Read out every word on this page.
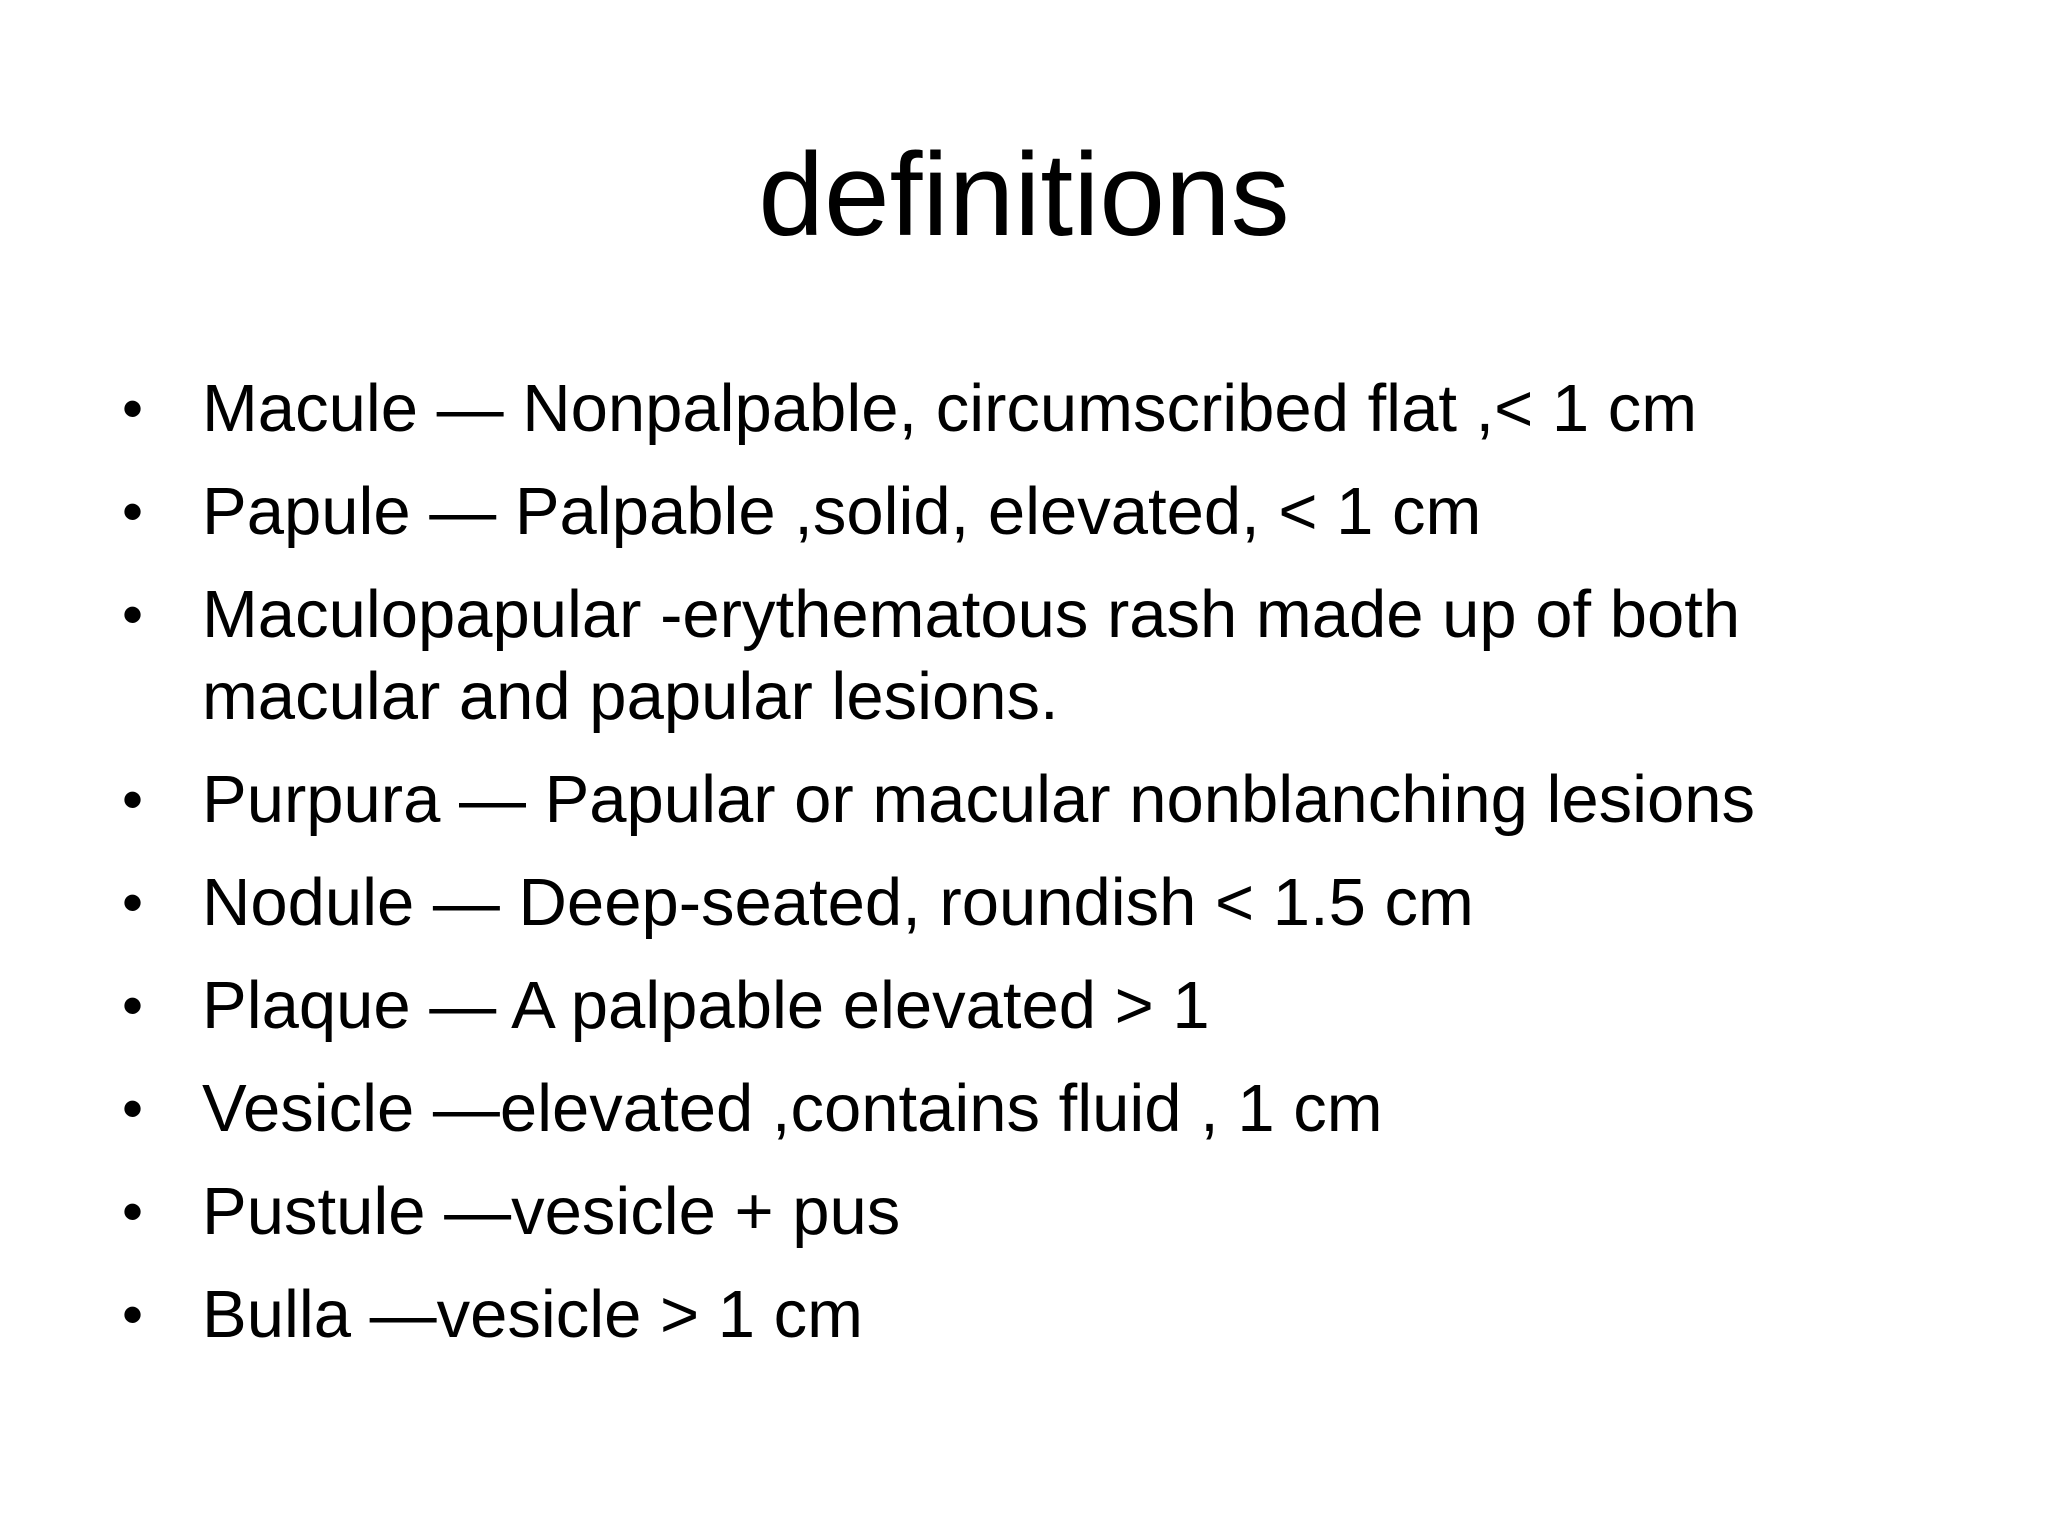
definitions
• Macule — Nonpalpable, circumscribed flat ,< 1 cm
• Papule — Palpable ,solid, elevated, < 1 cm
• Maculopapular -erythematous rash made up of both
macular and papular lesions.
• Purpura — Papular or macular nonblanching lesions
• Nodule — Deep-seated, roundish < 1.5 cm
• Plaque — A palpable elevated > 1
• Vesicle —elevated ,contains fluid , 1 cm
• Pustule —vesicle + pus
• Bulla —vesicle > 1 cm
